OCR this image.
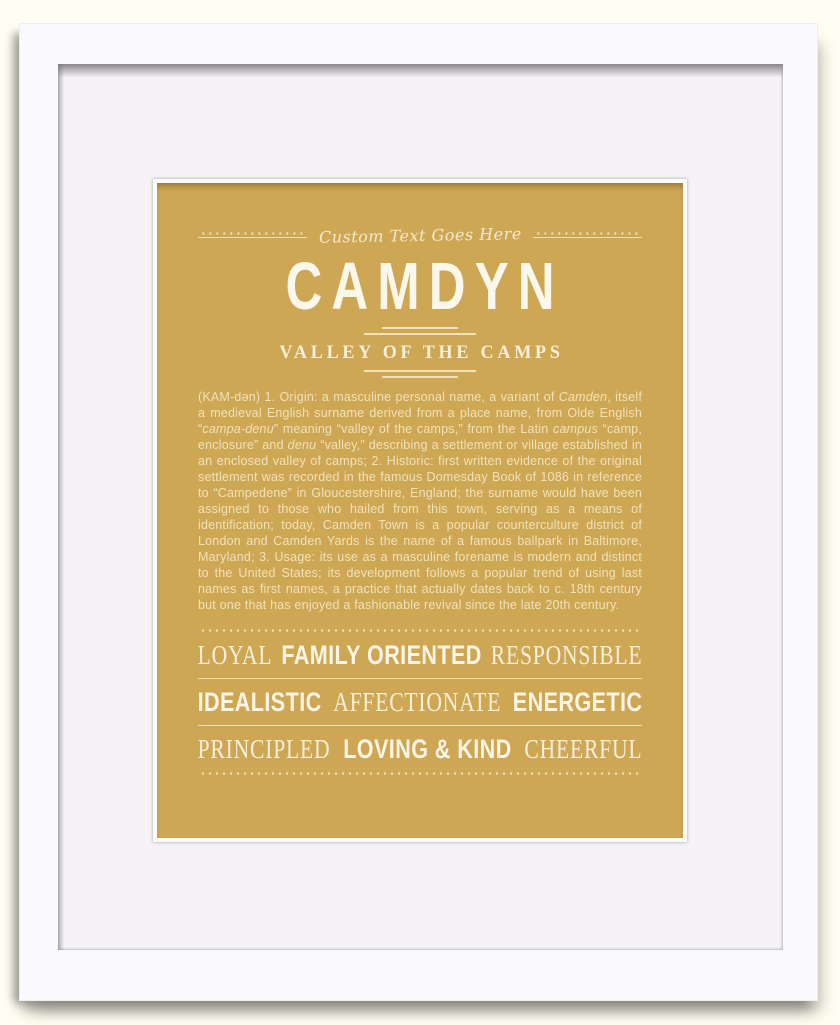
Custom Text Goes Here
CAMDYN
VALLEY OF THE CAMPS
(KAM-dən) 1. Origin: a masculine personal name, a variant of Camden, itself a medieval English surname derived from a place name, from Olde English “campa-denu” meaning “valley of the camps,” from the Latin campus “camp, enclosure” and denu “valley,” describing a settlement or village established in an enclosed valley of camps; 2. Historic: first written evidence of the original settlement was recorded in the famous Domesday Book of 1086 in reference to “Campedene” in Gloucestershire, England; the surname would have been assigned to those who hailed from this town, serving as a means of identification; today, Camden Town is a popular counterculture district of London and Camden Yards is the name of a famous ballpark in Baltimore, Maryland; 3. Usage: its use as a masculine forename is modern and distinct to the United States; its development follows a popular trend of using last names as first names, a practice that actually dates back to c. 18th century but one that has enjoyed a fashionable revival since the late 20th century.
LOYAL FAMILY ORIENTED RESPONSIBLE
IDEALISTIC AFFECTIONATE ENERGETIC
PRINCIPLED LOVING & KIND CHEERFUL
